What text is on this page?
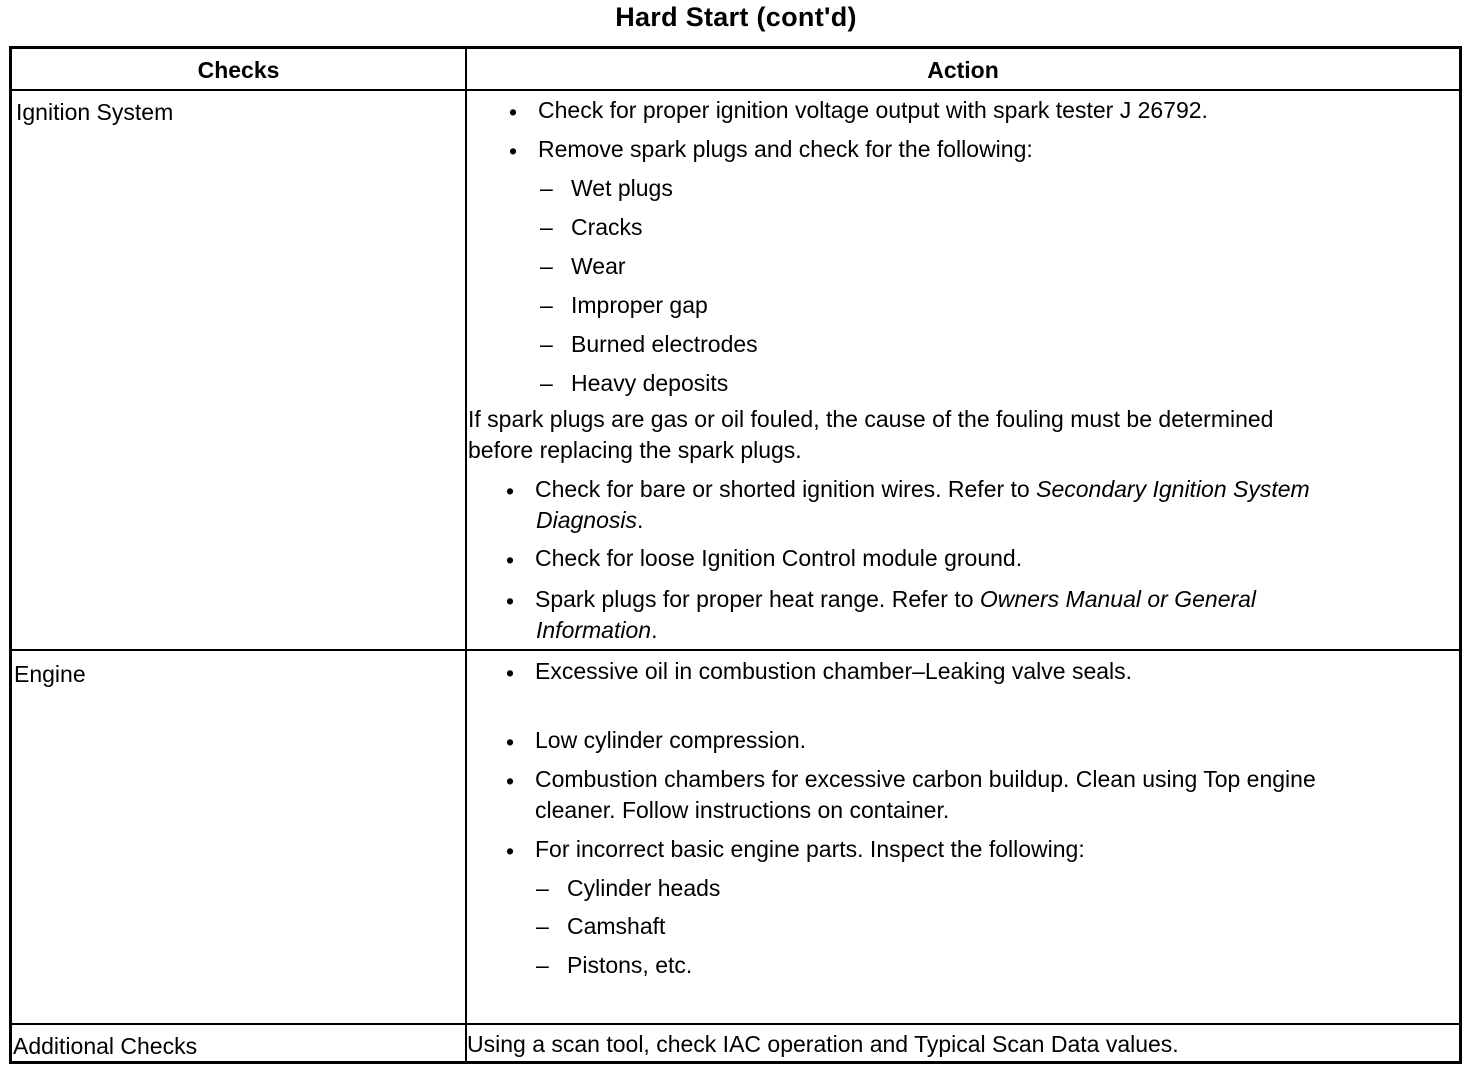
Hard Start (cont'd)
Checks	Action
Ignition System	• Check for proper ignition voltage output with spark tester J 26792.
• Remove spark plugs and check for the following:
– Wet plugs
– Cracks
– Wear
– Improper gap
– Burned electrodes
– Heavy deposits
If spark plugs are gas or oil fouled, the cause of the fouling must be determined
before replacing the spark plugs.
• Check for bare or shorted ignition wires. Refer to Secondary Ignition System
Diagnosis.
• Check for loose Ignition Control module ground.
• Spark plugs for proper heat range. Refer to Owners Manual or General
Information.
Engine	• Excessive oil in combustion chamber–Leaking valve seals.
• Low cylinder compression.
• Combustion chambers for excessive carbon buildup. Clean using Top engine
cleaner. Follow instructions on container.
• For incorrect basic engine parts. Inspect the following:
– Cylinder heads
– Camshaft
– Pistons, etc.
Additional Checks	Using a scan tool, check IAC operation and Typical Scan Data values.
